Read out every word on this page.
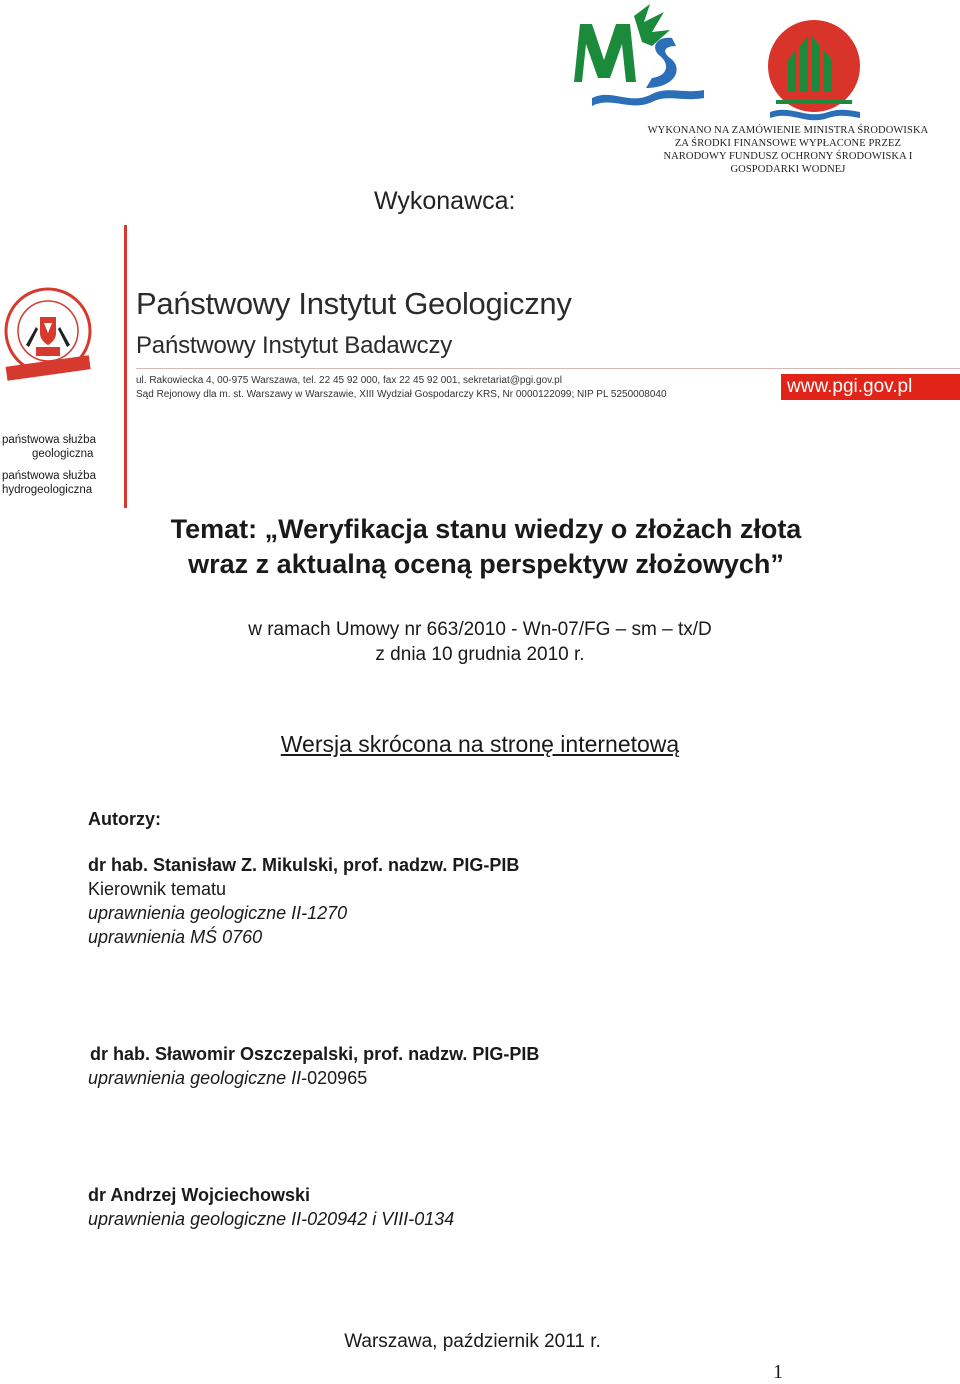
WYKONANO NA ZAMÓWIENIE MINISTRA ŚRODOWISKA
ZA ŚRODKI FINANSOWE WYPŁACONE PRZEZ
NARODOWY FUNDUSZ OCHRONY ŚRODOWISKA I
GOSPODARKI WODNEJ
Wykonawca:
Państwowy Instytut Geologiczny
Państwowy Instytut Badawczy
ul. Rakowiecka 4, 00-975 Warszawa, tel. 22 45 92 000, fax 22 45 92 001, sekretariat@pgi.gov.pl
Sąd Rejonowy dla m. st. Warszawy w Warszawie, XIII Wydział Gospodarczy KRS, Nr 0000122099; NIP PL 5250008040	www.pgi.gov.pl
państwowa służba
geologiczna
państwowa służba
hydrogeologiczna
Temat: „Weryfikacja stanu wiedzy o złożach złota
wraz z aktualną oceną perspektyw złożowych”
w ramach Umowy nr 663/2010 - Wn-07/FG – sm – tx/D
z dnia 10 grudnia 2010 r.
Wersja skrócona na stronę internetową
Autorzy:
dr hab. Stanisław Z. Mikulski, prof. nadzw. PIG-PIB
Kierownik tematu
uprawnienia geologiczne II-1270
uprawnienia MŚ 0760
dr hab. Sławomir Oszczepalski, prof. nadzw. PIG-PIB
uprawnienia geologiczne II-020965
dr Andrzej Wojciechowski
uprawnienia geologiczne II-020942 i VIII-0134
Warszawa, październik 2011 r.
1
